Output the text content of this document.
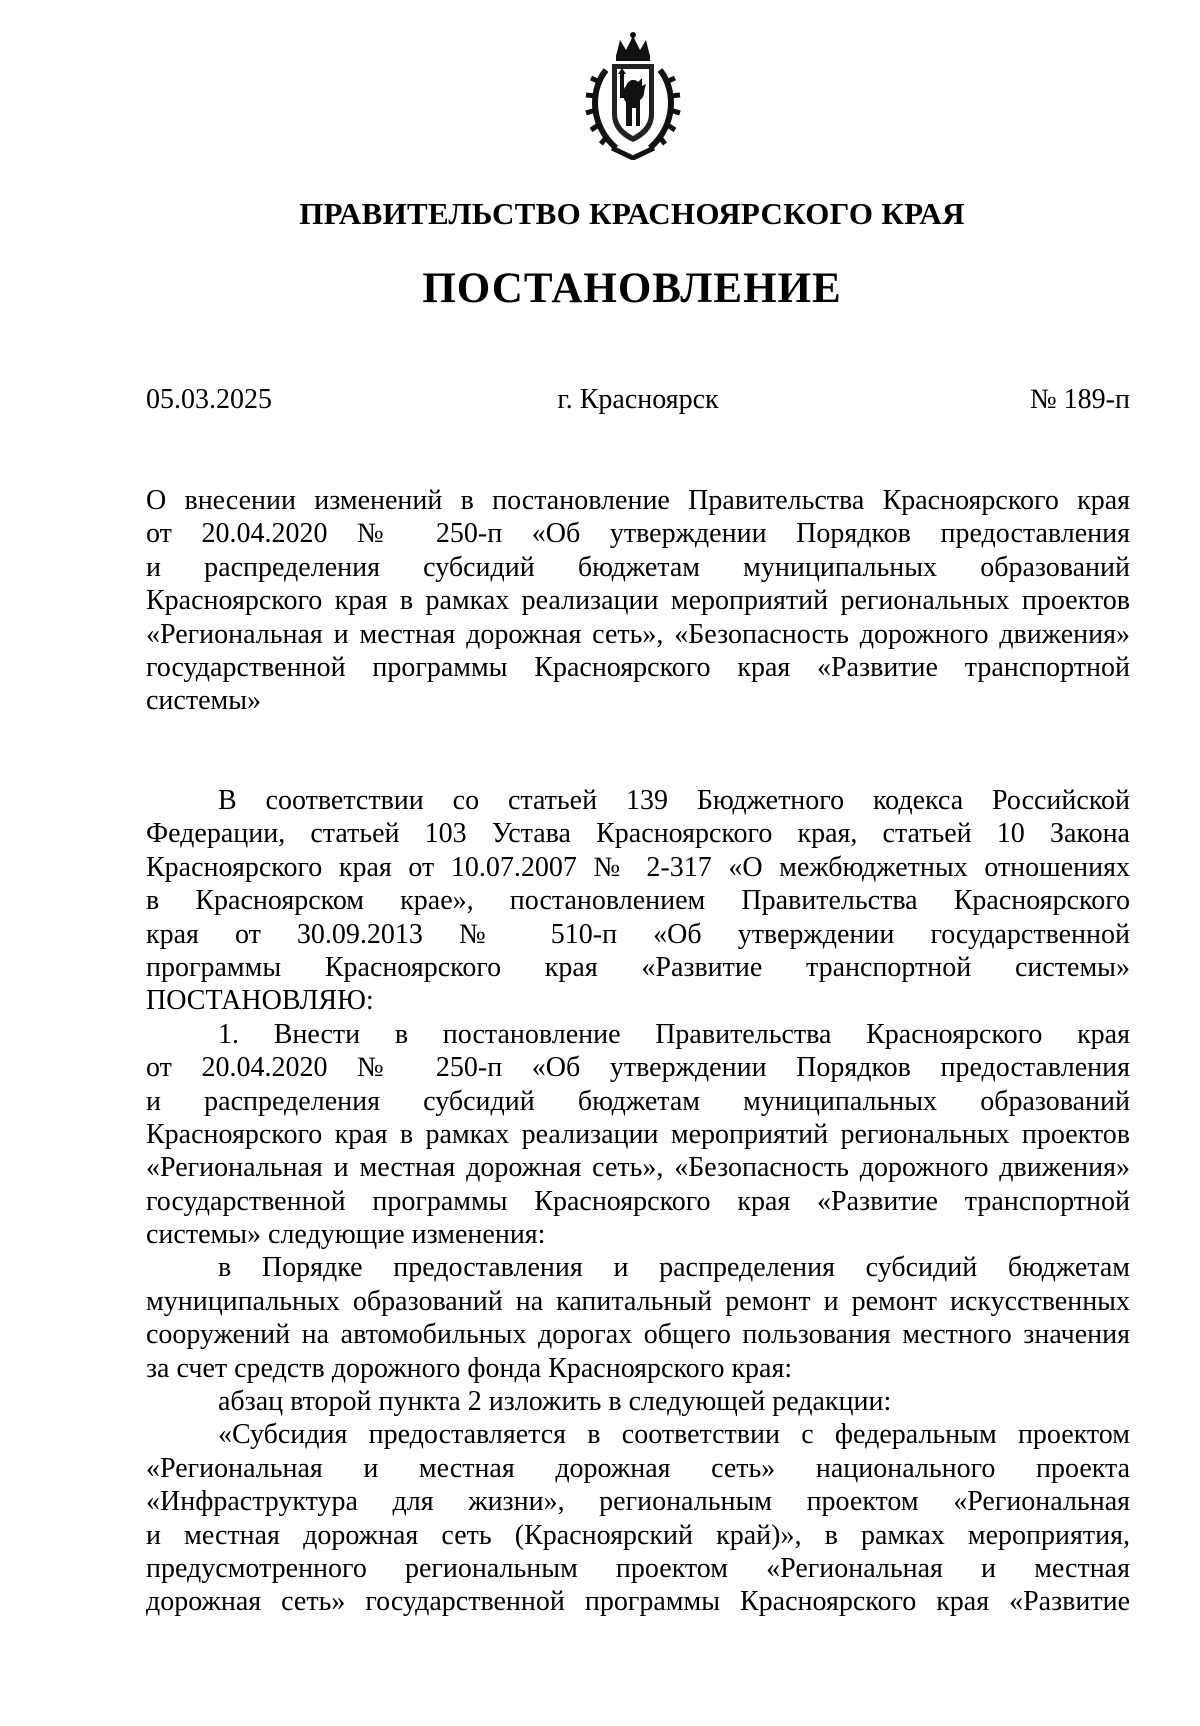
ПРАВИТЕЛЬСТВО КРАСНОЯРСКОГО КРАЯ
ПОСТАНОВЛЕНИЕ
05.03.2025	г. Красноярск	№ 189-п
О внесении изменений в постановление Правительства Красноярского края
от 20.04.2020 № 250-п «Об утверждении Порядков предоставления
и распределения субсидий бюджетам муниципальных образований
Красноярского края в рамках реализации мероприятий региональных проектов
«Региональная и местная дорожная сеть», «Безопасность дорожного движения»
государственной программы Красноярского края «Развитие транспортной
системы»
В соответствии со статьей 139 Бюджетного кодекса Российской
Федерации, статьей 103 Устава Красноярского края, статьей 10 Закона
Красноярского края от 10.07.2007 № 2-317 «О межбюджетных отношениях
в Красноярском крае», постановлением Правительства Красноярского
края от 30.09.2013 № 510-п «Об утверждении государственной
программы Красноярского края «Развитие транспортной системы»
ПОСТАНОВЛЯЮ:
1. Внести в постановление Правительства Красноярского края
от 20.04.2020 № 250-п «Об утверждении Порядков предоставления
и распределения субсидий бюджетам муниципальных образований
Красноярского края в рамках реализации мероприятий региональных проектов
«Региональная и местная дорожная сеть», «Безопасность дорожного движения»
государственной программы Красноярского края «Развитие транспортной
системы» следующие изменения:
в Порядке предоставления и распределения субсидий бюджетам
муниципальных образований на капитальный ремонт и ремонт искусственных
сооружений на автомобильных дорогах общего пользования местного значения
за счет средств дорожного фонда Красноярского края:
абзац второй пункта 2 изложить в следующей редакции:
«Субсидия предоставляется в соответствии с федеральным проектом
«Региональная и местная дорожная сеть» национального проекта
«Инфраструктура для жизни», региональным проектом «Региональная
и местная дорожная сеть (Красноярский край)», в рамках мероприятия,
предусмотренного региональным проектом «Региональная и местная
дорожная сеть» государственной программы Красноярского края «Развитие
